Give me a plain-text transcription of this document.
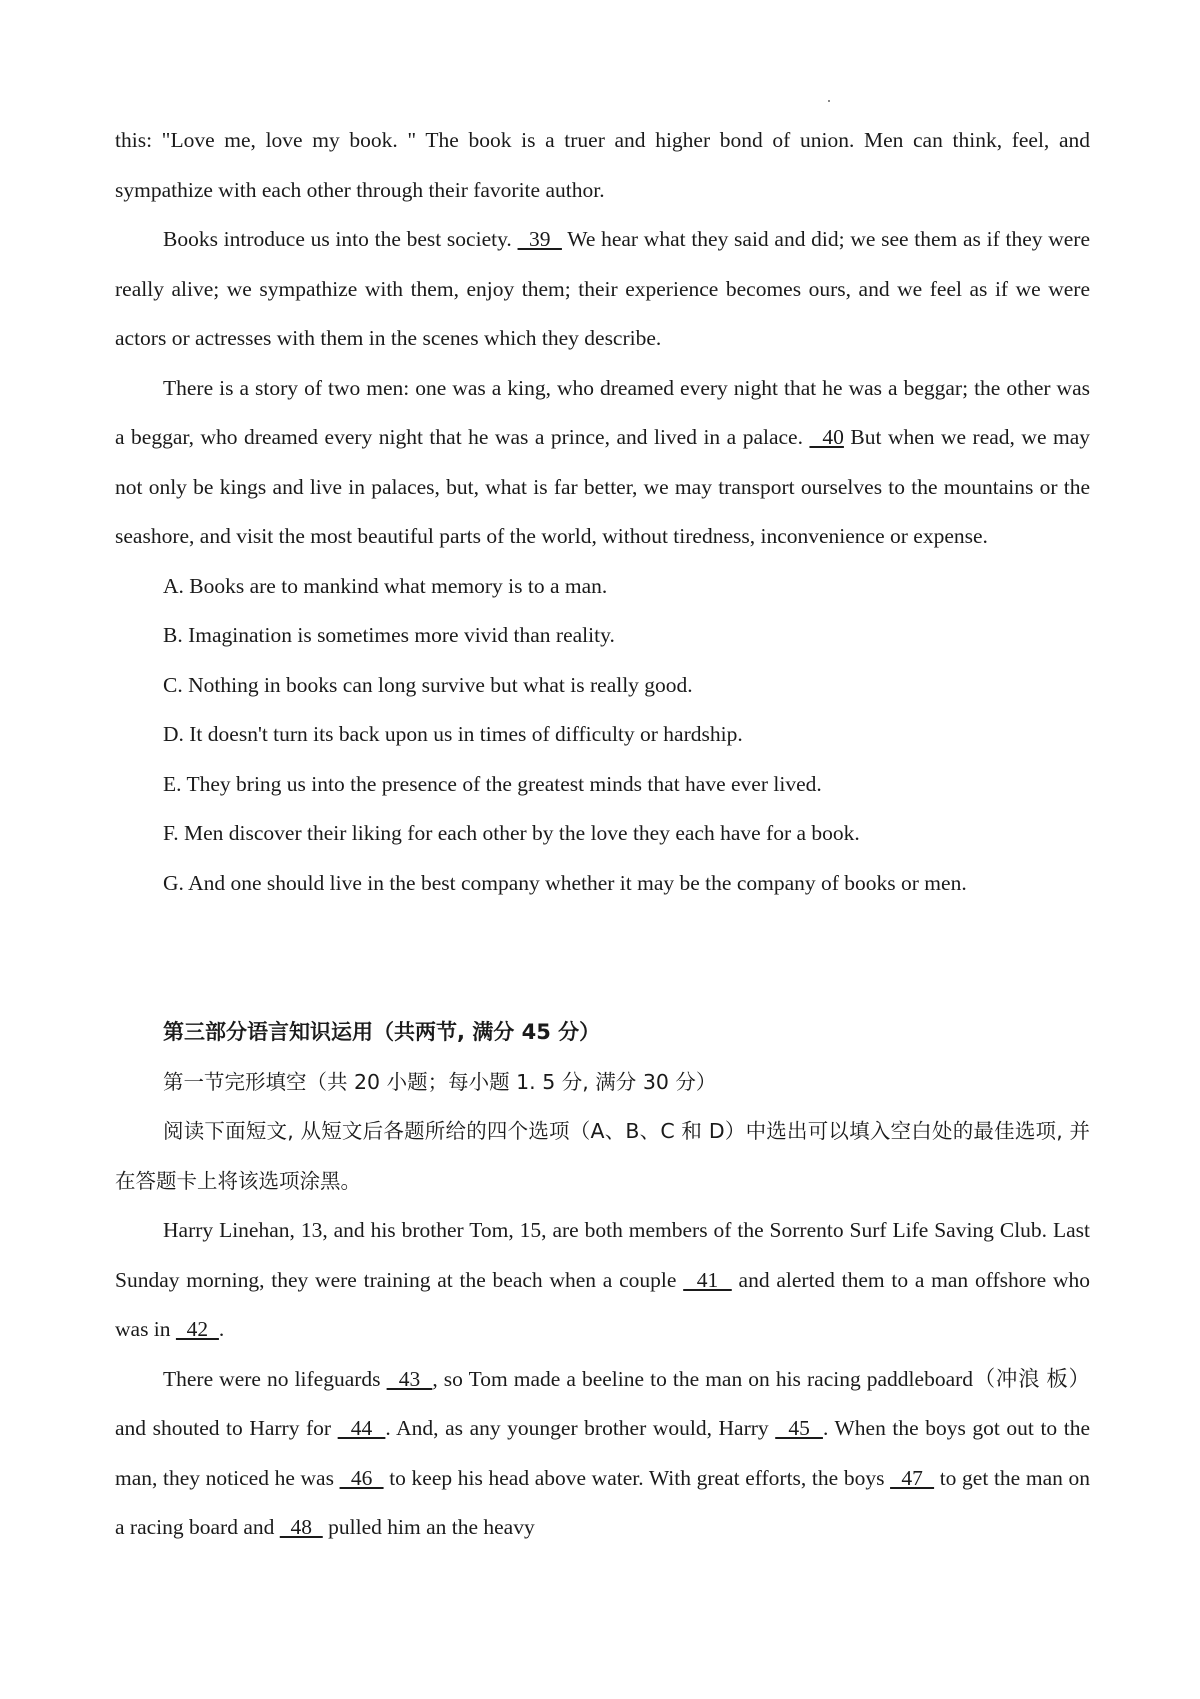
this: "Love me, love my book. " The book is a truer and higher bond of union. Men can think, feel, and sympathize with each other through their favorite author.

Books introduce us into the best society.   39   We hear what they said and did; we see them as if they were really alive; we sympathize with them, enjoy them; their experience becomes ours, and we feel as if we were actors or actresses with them in the scenes which they describe.

There is a story of two men: one was a king, who dreamed every night that he was a beggar; the other was a beggar, who dreamed every night that he was a prince, and lived in a palace.   40 But when we read, we may not only be kings and live in palaces, but, what is far better, we may transport ourselves to the mountains or the seashore, and visit the most beautiful parts of the world, without tiredness, inconvenience or expense.

A. Books are to mankind what memory is to a man.

B. Imagination is sometimes more vivid than reality.

C. Nothing in books can long survive but what is really good.

D. It doesn't turn its back upon us in times of difficulty or hardship.

E. They bring us into the presence of the greatest minds that have ever lived.

F. Men discover their liking for each other by the love they each have for a book.

G. And one should live in the best company whether it may be the company of books or men.

第三部分语言知识运用（共两节, 满分 45 分）

第一节完形填空（共 20 小题；每小题 1. 5 分, 满分 30 分）

阅读下面短文, 从短文后各题所给的四个选项（A、B、C 和 D）中选出可以填入空白处的最佳选项, 并在答题卡上将该选项涂黑。

Harry Linehan, 13, and his brother Tom, 15, are both members of the Sorrento Surf Life Saving Club. Last Sunday morning, they were training at the beach when a couple   41   and alerted them to a man offshore who was in   42  .

There were no lifeguards   43  , so Tom made a beeline to the man on his racing paddleboard（冲浪 板） and shouted to Harry for   44  . And, as any younger brother would, Harry   45  . When the boys got out to the man, they noticed he was   46   to keep his head above water. With great efforts, the boys   47   to get the man on a racing board and   48   pulled him an the heavy
